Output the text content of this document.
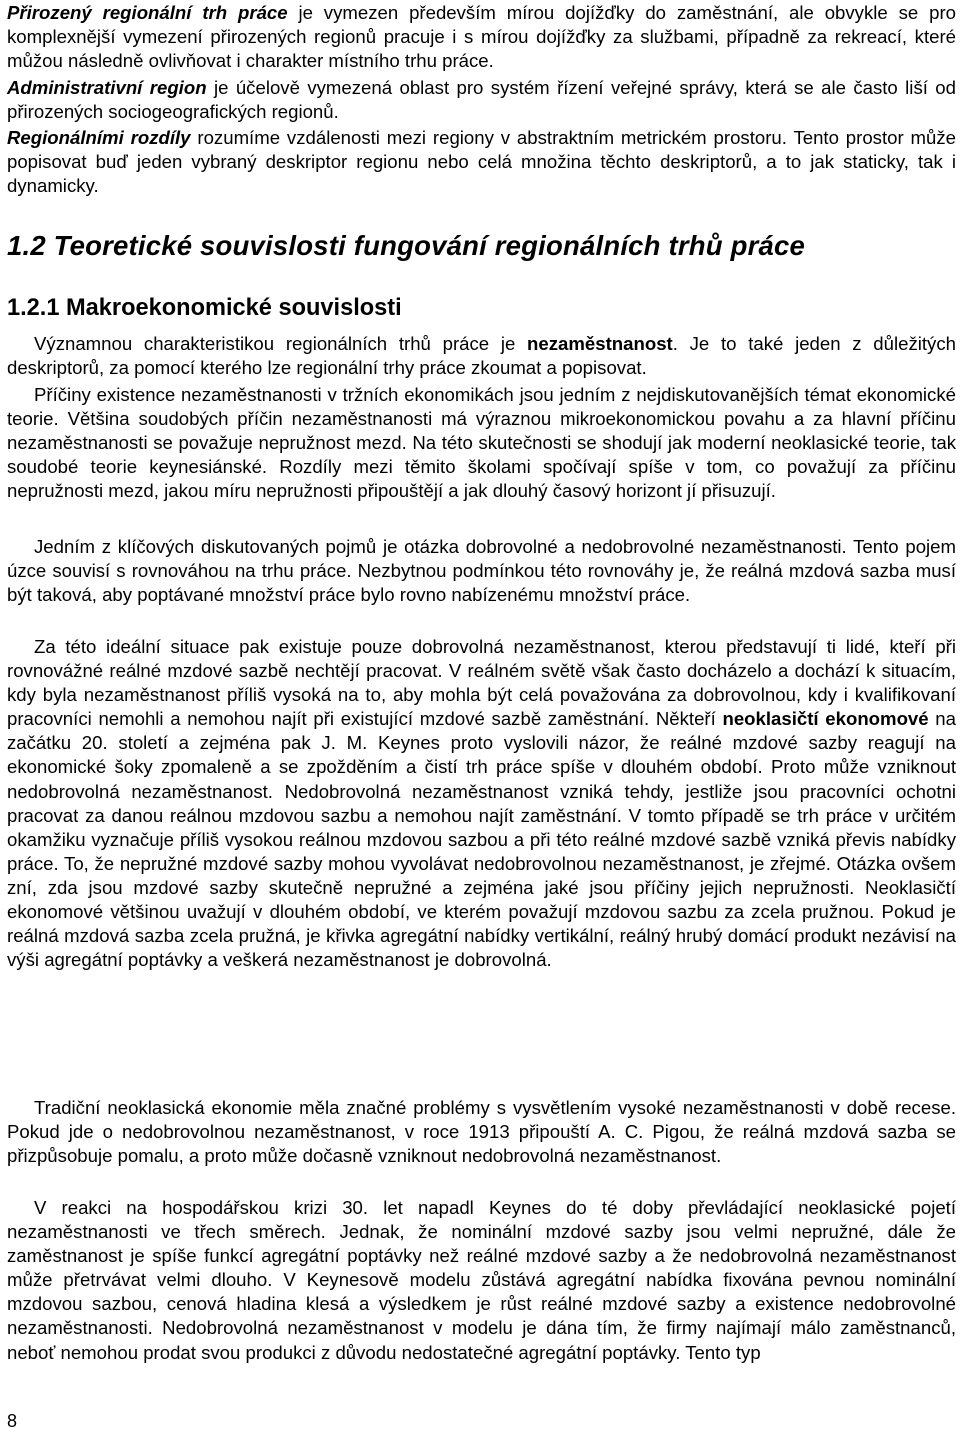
Přirozený regionální trh práce je vymezen především mírou dojížďky do zaměstnání, ale obvykle se pro komplexnější vymezení přirozených regionů pracuje i s mírou dojížďky za službami, případně za rekreací, které můžou následně ovlivňovat i charakter místního trhu práce.

Administrativní region je účelově vymezená oblast pro systém řízení veřejné správy, která se ale často liší od přirozených sociogeografických regionů.

Regionálními rozdíly rozumíme vzdálenosti mezi regiony v abstraktním metrickém prostoru. Tento prostor může popisovat buď jeden vybraný deskriptor regionu nebo celá množina těchto deskriptorů, a to jak staticky, tak i dynamicky.

1.2 Teoretické souvislosti fungování regionálních trhů práce
1.2.1 Makroekonomické souvislosti

Významnou charakteristikou regionálních trhů práce je nezaměstnanost. Je to také jeden z důležitých deskriptorů, za pomocí kterého lze regionální trhy práce zkoumat a popisovat.

Příčiny existence nezaměstnanosti v tržních ekonomikách jsou jedním z nejdiskutovanějších témat ekonomické teorie. Většina soudobých příčin nezaměstnanosti má výraznou mikroekonomickou povahu a za hlavní příčinu nezaměstnanosti se považuje nepružnost mezd. Na této skutečnosti se shodují jak moderní neoklasické teorie, tak soudobé teorie keynesiánské. Rozdíly mezi těmito školami spočívají spíše v tom, co považují za příčinu nepružnosti mezd, jakou míru nepružnosti připouštějí a jak dlouhý časový horizont jí přisuzují.

Jedním z klíčových diskutovaných pojmů je otázka dobrovolné a nedobrovolné nezaměstnanosti. Tento pojem úzce souvisí s rovnováhou na trhu práce. Nezbytnou podmínkou této rovnováhy je, že reálná mzdová sazba musí být taková, aby poptávané množství práce bylo rovno nabízenému množství práce.

Za této ideální situace pak existuje pouze dobrovolná nezaměstnanost, kterou představují ti lidé, kteří při rovnovážné reálné mzdové sazbě nechtějí pracovat. V reálném světě však často docházelo a dochází k situacím, kdy byla nezaměstnanost příliš vysoká na to, aby mohla být celá považována za dobrovolnou, kdy i kvalifikovaní pracovníci nemohli a nemohou najít při existující mzdové sazbě zaměstnání. Někteří neoklasičtí ekonomové na začátku 20. století a zejména pak J. M. Keynes proto vyslovili názor, že reálné mzdové sazby reagují na ekonomické šoky zpomaleně a se zpožděním a čistí trh práce spíše v dlouhém období. Proto může vzniknout nedobrovolná nezaměstnanost. Nedobrovolná nezaměstnanost vzniká tehdy, jestliže jsou pracovníci ochotni pracovat za danou reálnou mzdovou sazbu a nemohou najít zaměstnání. V tomto případě se trh práce v určitém okamžiku vyznačuje příliš vysokou reálnou mzdovou sazbou a při této reálné mzdové sazbě vzniká převis nabídky práce. To, že nepružné mzdové sazby mohou vyvolávat nedobrovolnou nezaměstnanost, je zřejmé. Otázka ovšem zní, zda jsou mzdové sazby skutečně nepružné a zejména jaké jsou příčiny jejich nepružnosti. Neoklasičtí ekonomové většinou uvažují v dlouhém období, ve kterém považují mzdovou sazbu za zcela pružnou. Pokud je reálná mzdová sazba zcela pružná, je křivka agregátní nabídky vertikální, reálný hrubý domácí produkt nezávisí na výši agregátní poptávky a veškerá nezaměstnanost je dobrovolná.

Tradiční neoklasická ekonomie měla značné problémy s vysvětlením vysoké nezaměstnanosti v době recese. Pokud jde o nedobrovolnou nezaměstnanost, v roce 1913 připouští A. C. Pigou, že reálná mzdová sazba se přizpůsobuje pomalu, a proto může dočasně vzniknout nedobrovolná nezaměstnanost.

V reakci na hospodářskou krizi 30. let napadl Keynes do té doby převládající neoklasické pojetí nezaměstnanosti ve třech směrech. Jednak, že nominální mzdové sazby jsou velmi nepružné, dále že zaměstnanost je spíše funkcí agregátní poptávky než reálné mzdové sazby a že nedobrovolná nezaměstnanost může přetrvávat velmi dlouho. V Keynesově modelu zůstává agregátní nabídka fixována pevnou nominální mzdovou sazbou, cenová hladina klesá a výsledkem je růst reálné mzdové sazby a existence nedobrovolné nezaměstnanosti. Nedobrovolná nezaměstnanost v modelu je dána tím, že firmy najímají málo zaměstnanců, neboť nemohou prodat svou produkci z důvodu nedostatečné agregátní poptávky. Tento typ

8
